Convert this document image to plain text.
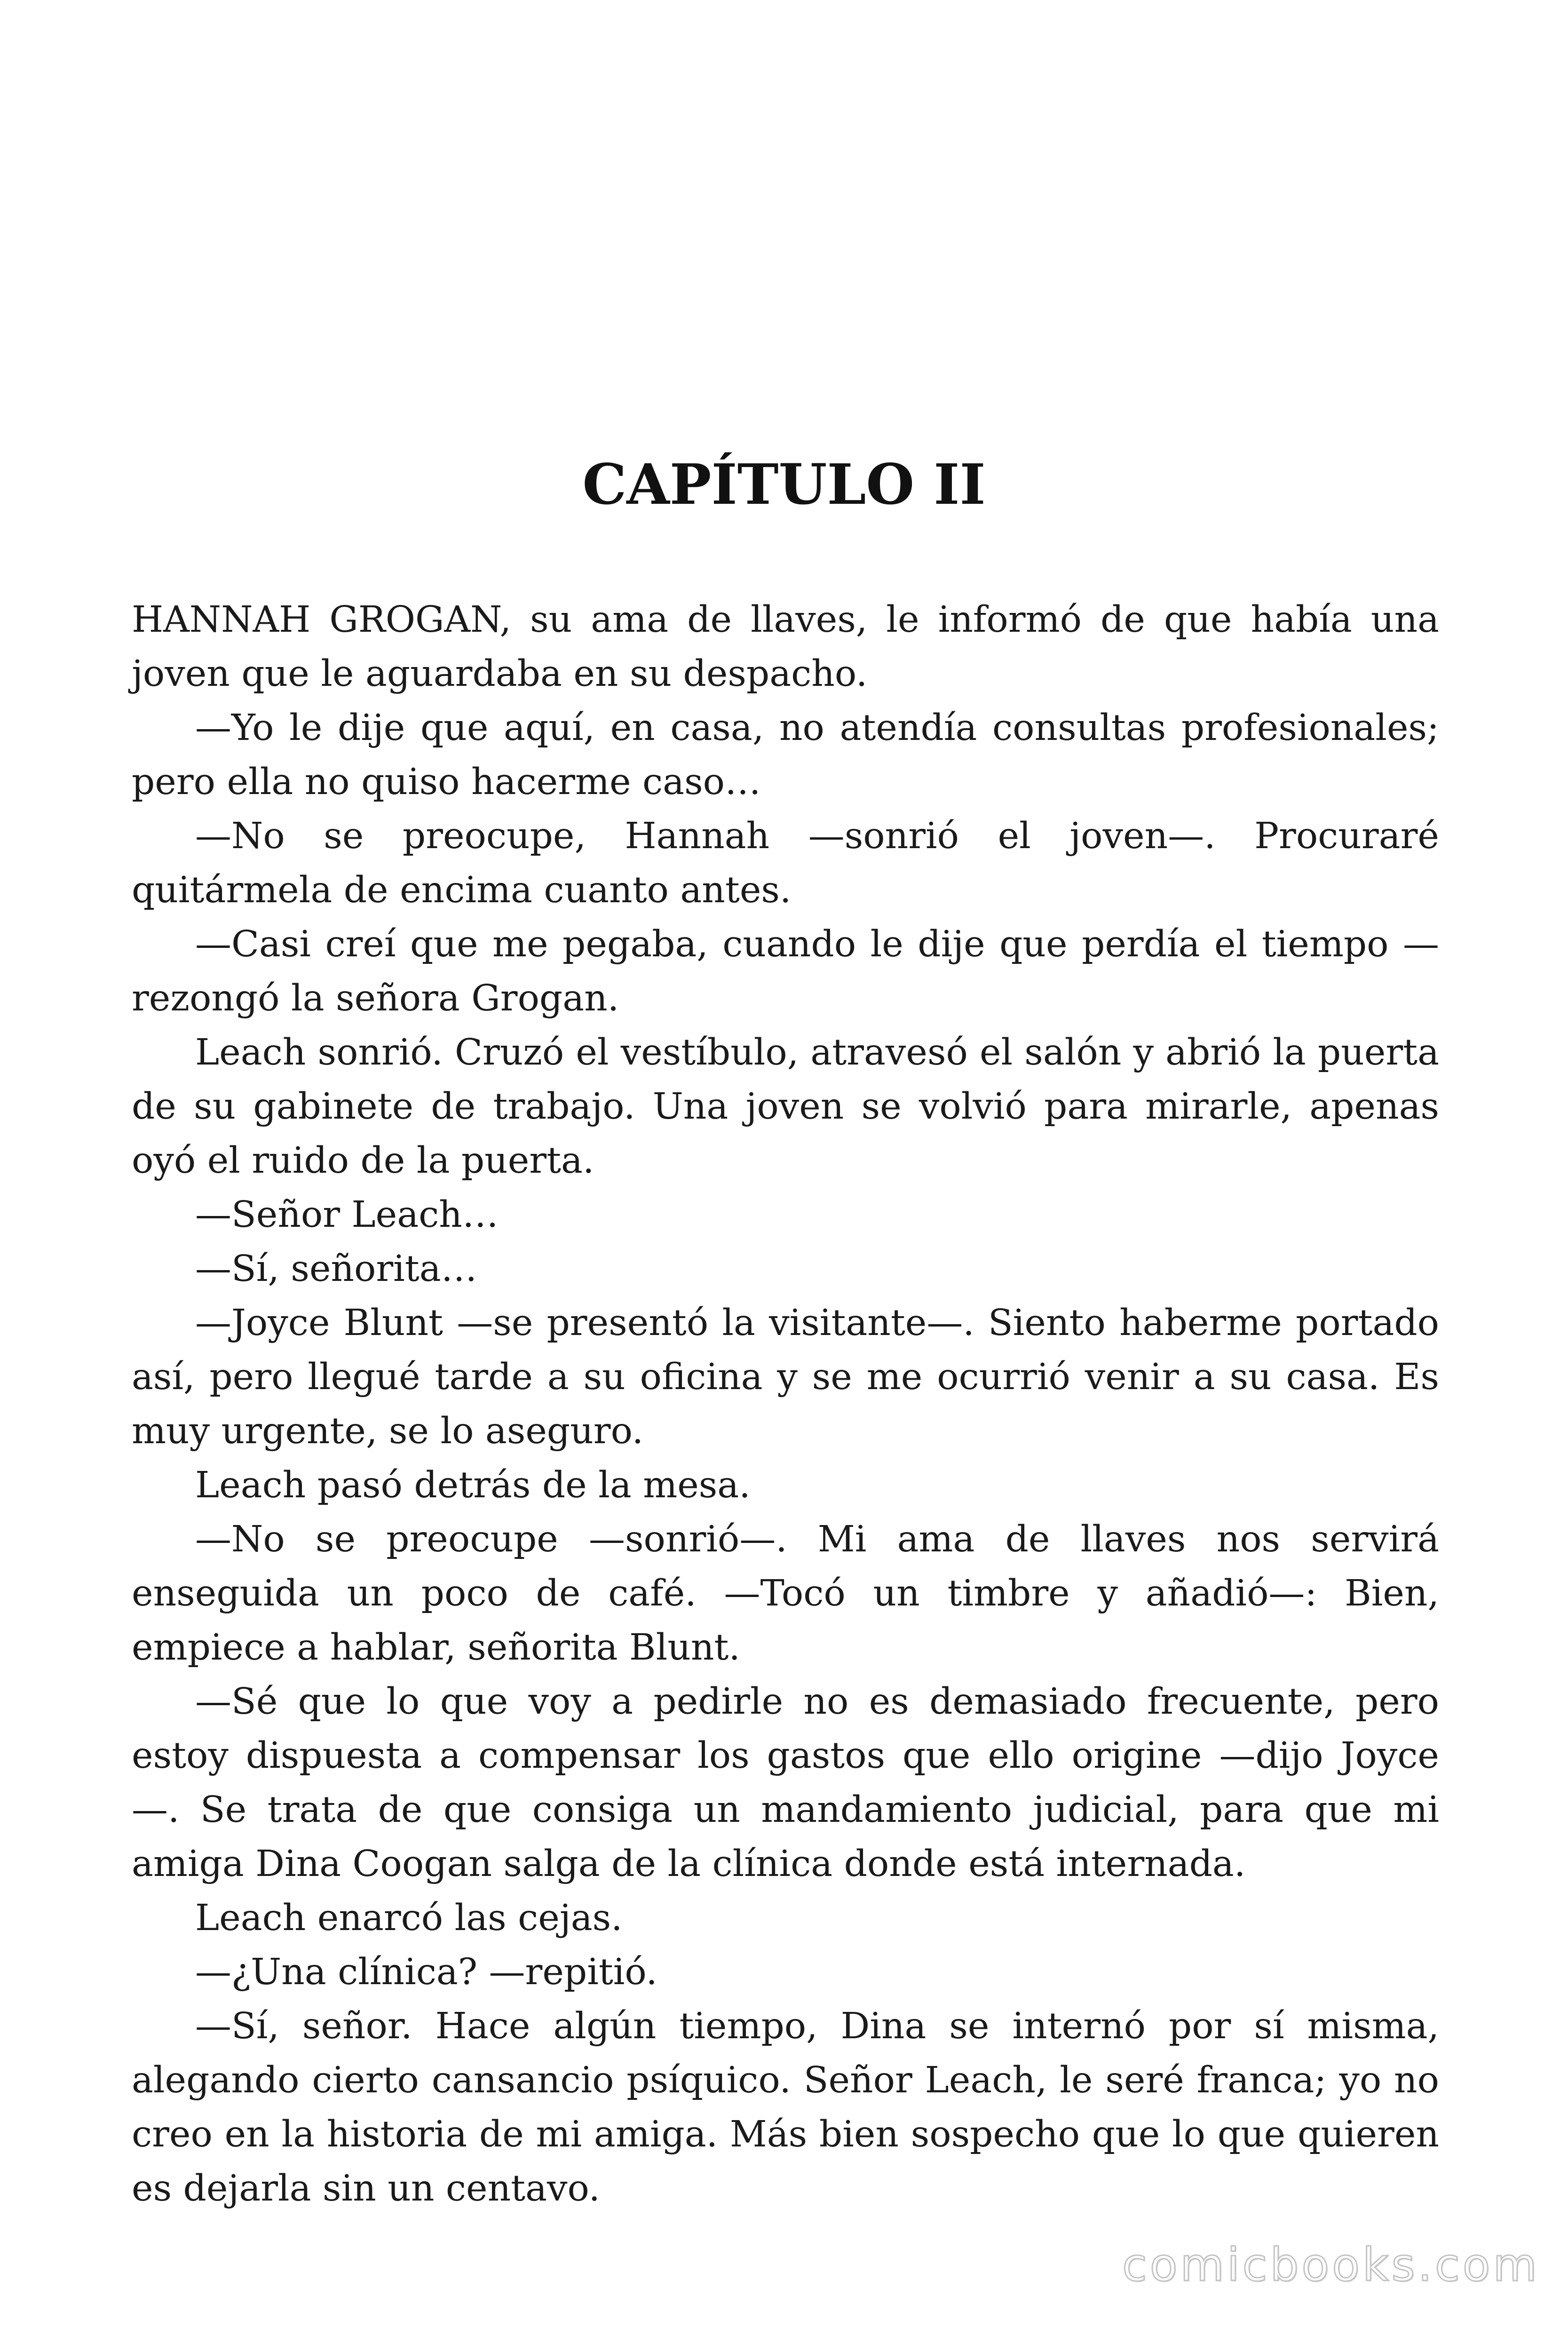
CAPÍTULO II

HANNAH GROGAN, su ama de llaves, le informó de que había una joven que le aguardaba en su despacho.

—Yo le dije que aquí, en casa, no atendía consultas profesionales; pero ella no quiso hacerme caso…

—No se preocupe, Hannah —sonrió el joven—. Procuraré quitármela de encima cuanto antes.

—Casi creí que me pegaba, cuando le dije que perdía el tiempo —rezongó la señora Grogan.

Leach sonrió. Cruzó el vestíbulo, atravesó el salón y abrió la puerta de su gabinete de trabajo. Una joven se volvió para mirarle, apenas oyó el ruido de la puerta.

—Señor Leach…

—Sí, señorita…

—Joyce Blunt —se presentó la visitante—. Siento haberme portado así, pero llegué tarde a su oficina y se me ocurrió venir a su casa. Es muy urgente, se lo aseguro.

Leach pasó detrás de la mesa.

—No se preocupe —sonrió—. Mi ama de llaves nos servirá enseguida un poco de café. —Tocó un timbre y añadió—: Bien, empiece a hablar, señorita Blunt.

—Sé que lo que voy a pedirle no es demasiado frecuente, pero estoy dispuesta a compensar los gastos que ello origine —dijo Joyce —. Se trata de que consiga un mandamiento judicial, para que mi amiga Dina Coogan salga de la clínica donde está internada.

Leach enarcó las cejas.

—¿Una clínica? —repitió.

—Sí, señor. Hace algún tiempo, Dina se internó por sí misma, alegando cierto cansancio psíquico. Señor Leach, le seré franca; yo no creo en la historia de mi amiga. Más bien sospecho que lo que quieren es dejarla sin un centavo.

comicbooks.com
